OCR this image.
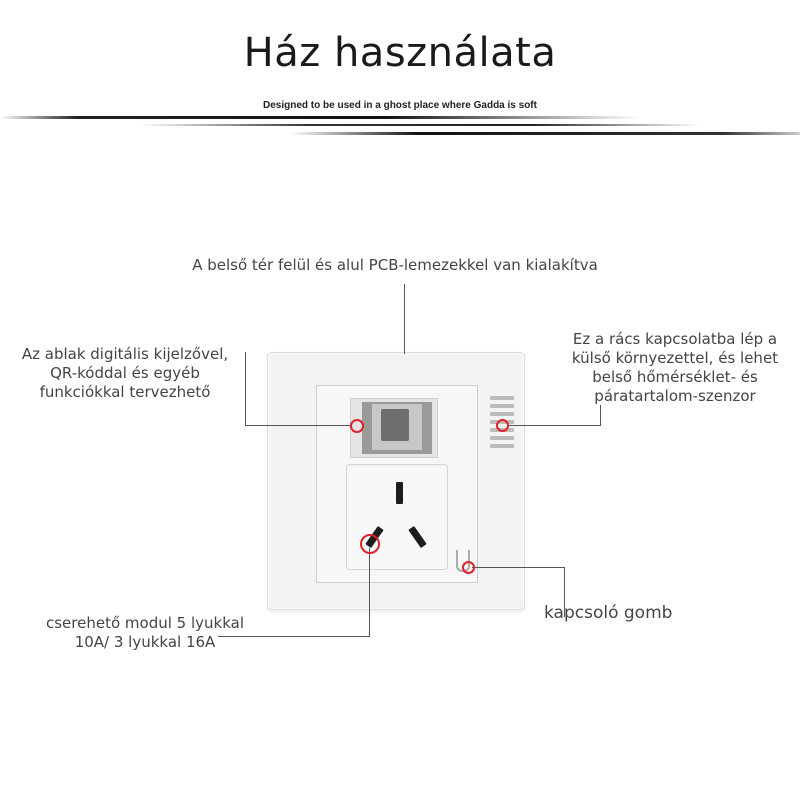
Ház használata
Designed to be used in a ghost place where Gadda is soft
A belső tér felül és alul PCB-lemezekkel van kialakítva
Az ablak digitális kijelzővel, QR-kóddal és egyéb funkciókkal tervezhető
Ez a rács kapcsolatba lép a külső környezettel, és lehet belső hőmérséklet- és páratartalom-szenzor
cserehető modul 5 lyukkal 10A/ 3 lyukkal 16A
kapcsoló gomb
